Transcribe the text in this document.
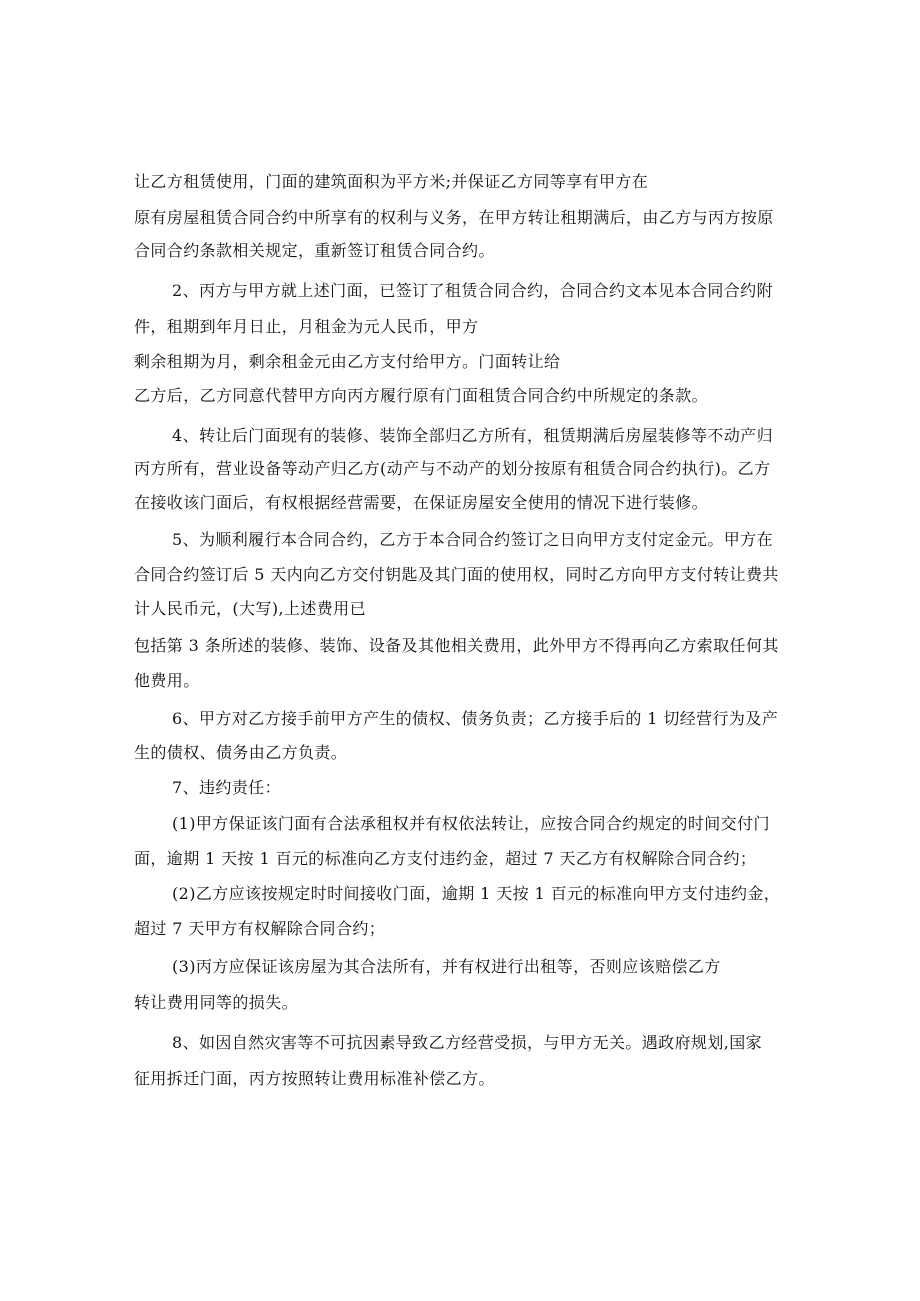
让乙方租赁使用，门面的建筑面积为平方米;并保证乙方同等享有甲方在
原有房屋租赁合同合约中所享有的权利与义务，在甲方转让租期满后，由乙方与丙方按原
合同合约条款相关规定，重新签订租赁合同合约。
2、丙方与甲方就上述门面，已签订了租赁合同合约，合同合约文本见本合同合约附
件，租期到年月日止，月租金为元人民币，甲方
剩余租期为月，剩余租金元由乙方支付给甲方。门面转让给
乙方后，乙方同意代替甲方向丙方履行原有门面租赁合同合约中所规定的条款。
4、转让后门面现有的装修、装饰全部归乙方所有，租赁期满后房屋装修等不动产归
丙方所有，营业设备等动产归乙方(动产与不动产的划分按原有租赁合同合约执行)。乙方
在接收该门面后，有权根据经营需要，在保证房屋安全使用的情况下进行装修。
5、为顺利履行本合同合约，乙方于本合同合约签订之日向甲方支付定金元。甲方在
合同合约签订后 5 天内向乙方交付钥匙及其门面的使用权，同时乙方向甲方支付转让费共
计人民币元，(大写),上述费用已
包括第 3 条所述的装修、装饰、设备及其他相关费用，此外甲方不得再向乙方索取任何其
他费用。
6、甲方对乙方接手前甲方产生的债权、债务负责；乙方接手后的 1 切经营行为及产
生的债权、债务由乙方负责。
7、违约责任：
(1)甲方保证该门面有合法承租权并有权依法转让，应按合同合约规定的时间交付门
面，逾期 1 天按 1 百元的标准向乙方支付违约金，超过 7 天乙方有权解除合同合约；
(2)乙方应该按规定时时间接收门面，逾期 1 天按 1 百元的标准向甲方支付违约金，
超过 7 天甲方有权解除合同合约；
(3)丙方应保证该房屋为其合法所有，并有权进行出租等，否则应该赔偿乙方
转让费用同等的损失。
8、如因自然灾害等不可抗因素导致乙方经营受损，与甲方无关。遇政府规划,国家
征用拆迁门面，丙方按照转让费用标准补偿乙方。
